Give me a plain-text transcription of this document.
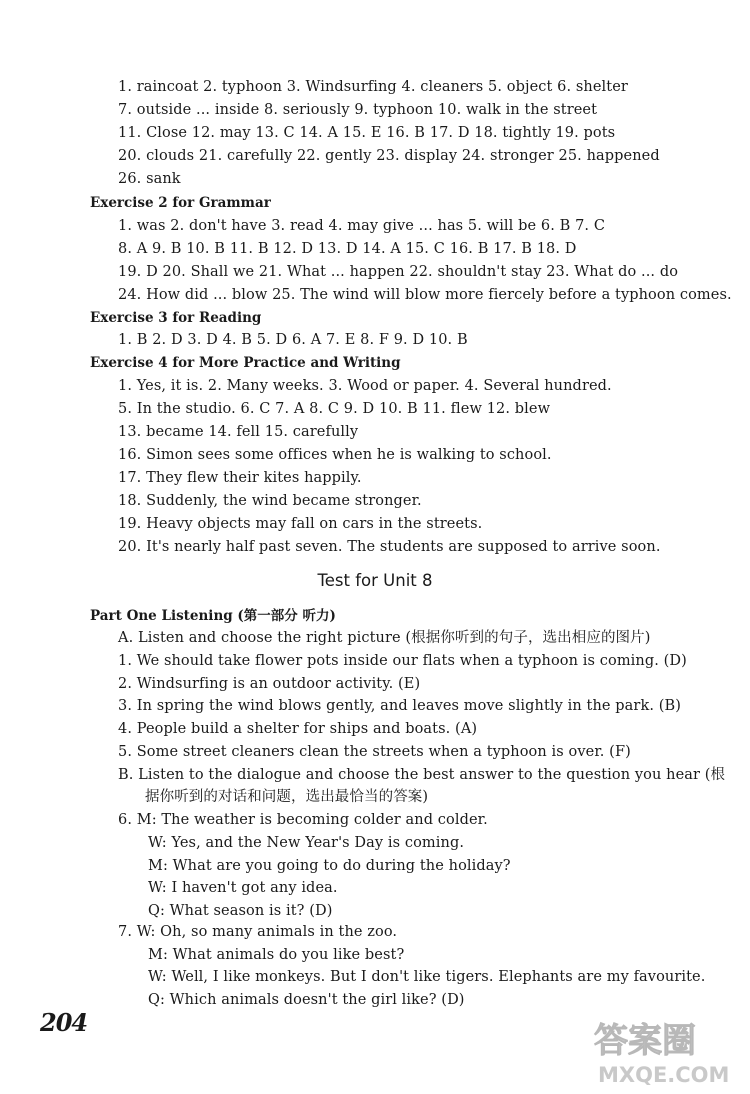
1. raincoat 2. typhoon 3. Windsurfing 4. cleaners 5. object 6. shelter
7. outside ... inside 8. seriously 9. typhoon 10. walk in the street
11. Close 12. may 13. C 14. A 15. E 16. B 17. D 18. tightly 19. pots
20. clouds 21. carefully 22. gently 23. display 24. stronger 25. happened
26. sank
Exercise 2 for Grammar
1. was 2. don't have 3. read 4. may give ... has 5. will be 6. B 7. C
8. A 9. B 10. B 11. B 12. D 13. D 14. A 15. C 16. B 17. B 18. D
19. D 20. Shall we 21. What ... happen 22. shouldn't stay 23. What do ... do
24. How did ... blow 25. The wind will blow more fiercely before a typhoon comes.
Exercise 3 for Reading
1. B 2. D 3. D 4. B 5. D 6. A 7. E 8. F 9. D 10. B
Exercise 4 for More Practice and Writing
1. Yes, it is. 2. Many weeks. 3. Wood or paper. 4. Several hundred.
5. In the studio. 6. C 7. A 8. C 9. D 10. B 11. flew 12. blew
13. became 14. fell 15. carefully
16. Simon sees some offices when he is walking to school.
17. They flew their kites happily.
18. Suddenly, the wind became stronger.
19. Heavy objects may fall on cars in the streets.
20. It's nearly half past seven. The students are supposed to arrive soon.
Test for Unit 8
Part One Listening (第一部分 听力)
A. Listen and choose the right picture (根据你听到的句子，选出相应的图片)
1. We should take flower pots inside our flats when a typhoon is coming. (D)
2. Windsurfing is an outdoor activity. (E)
3. In spring the wind blows gently, and leaves move slightly in the park. (B)
4. People build a shelter for ships and boats. (A)
5. Some street cleaners clean the streets when a typhoon is over. (F)
B. Listen to the dialogue and choose the best answer to the question you hear (根
据你听到的对话和问题，选出最恰当的答案)
6. M: The weather is becoming colder and colder.
W: Yes, and the New Year's Day is coming.
M: What are you going to do during the holiday?
W: I haven't got any idea.
Q: What season is it? (D)
7. W: Oh, so many animals in the zoo.
M: What animals do you like best?
W: Well, I like monkeys. But I don't like tigers. Elephants are my favourite.
Q: Which animals doesn't the girl like? (D)
204	答案圈
MXQE.COM
